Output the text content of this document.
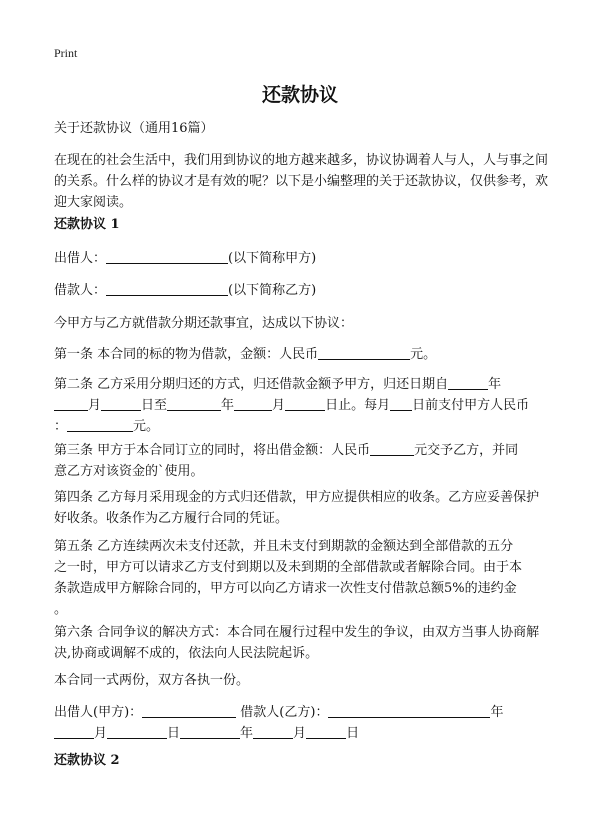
Print
还款协议

关于还款协议（通用16篇）

在现在的社会生活中，我们用到协议的地方越来越多，协议协调着人与人，人与事之间的关系。什么样的协议才是有效的呢？以下是小编整理的关于还款协议，仅供参考，欢迎大家阅读。

还款协议 1

出借人：	(以下简称甲方)

借款人：	(以下简称乙方)

今甲方与乙方就借款分期还款事宜，达成以下协议：

第一条 本合同的标的物为借款，金额：人民币	元。

第二条 乙方采用分期归还的方式，归还借款金额予甲方，归还日期自	年
月	日至	年	月	日止。每月 日前支付甲方人民币
：	元。
第三条 甲方于本合同订立的同时，将出借金额：人民币	元交予乙方，并同
意乙方对该资金的`使用。

第四条 乙方每月采用现金的方式归还借款，甲方应提供相应的收条。乙方应妥善保护好收条。收条作为乙方履行合同的凭证。

第五条 乙方连续两次未支付还款，并且未支付到期款的金额达到全部借款的五分
之一时，甲方可以请求乙方支付到期以及未到期的全部借款或者解除合同。由于本
条款造成甲方解除合同的，甲方可以向乙方请求一次性支付借款总额5%的违约金
。

第六条 合同争议的解决方式：本合同在履行过程中发生的争议，由双方当事人协商解决,协商或调解不成的，依法向人民法院起诉。

本合同一式两份，双方各执一份。

出借人(甲方)：	借款人(乙方)：	年
月	日	年	月	日

还款协议 2
